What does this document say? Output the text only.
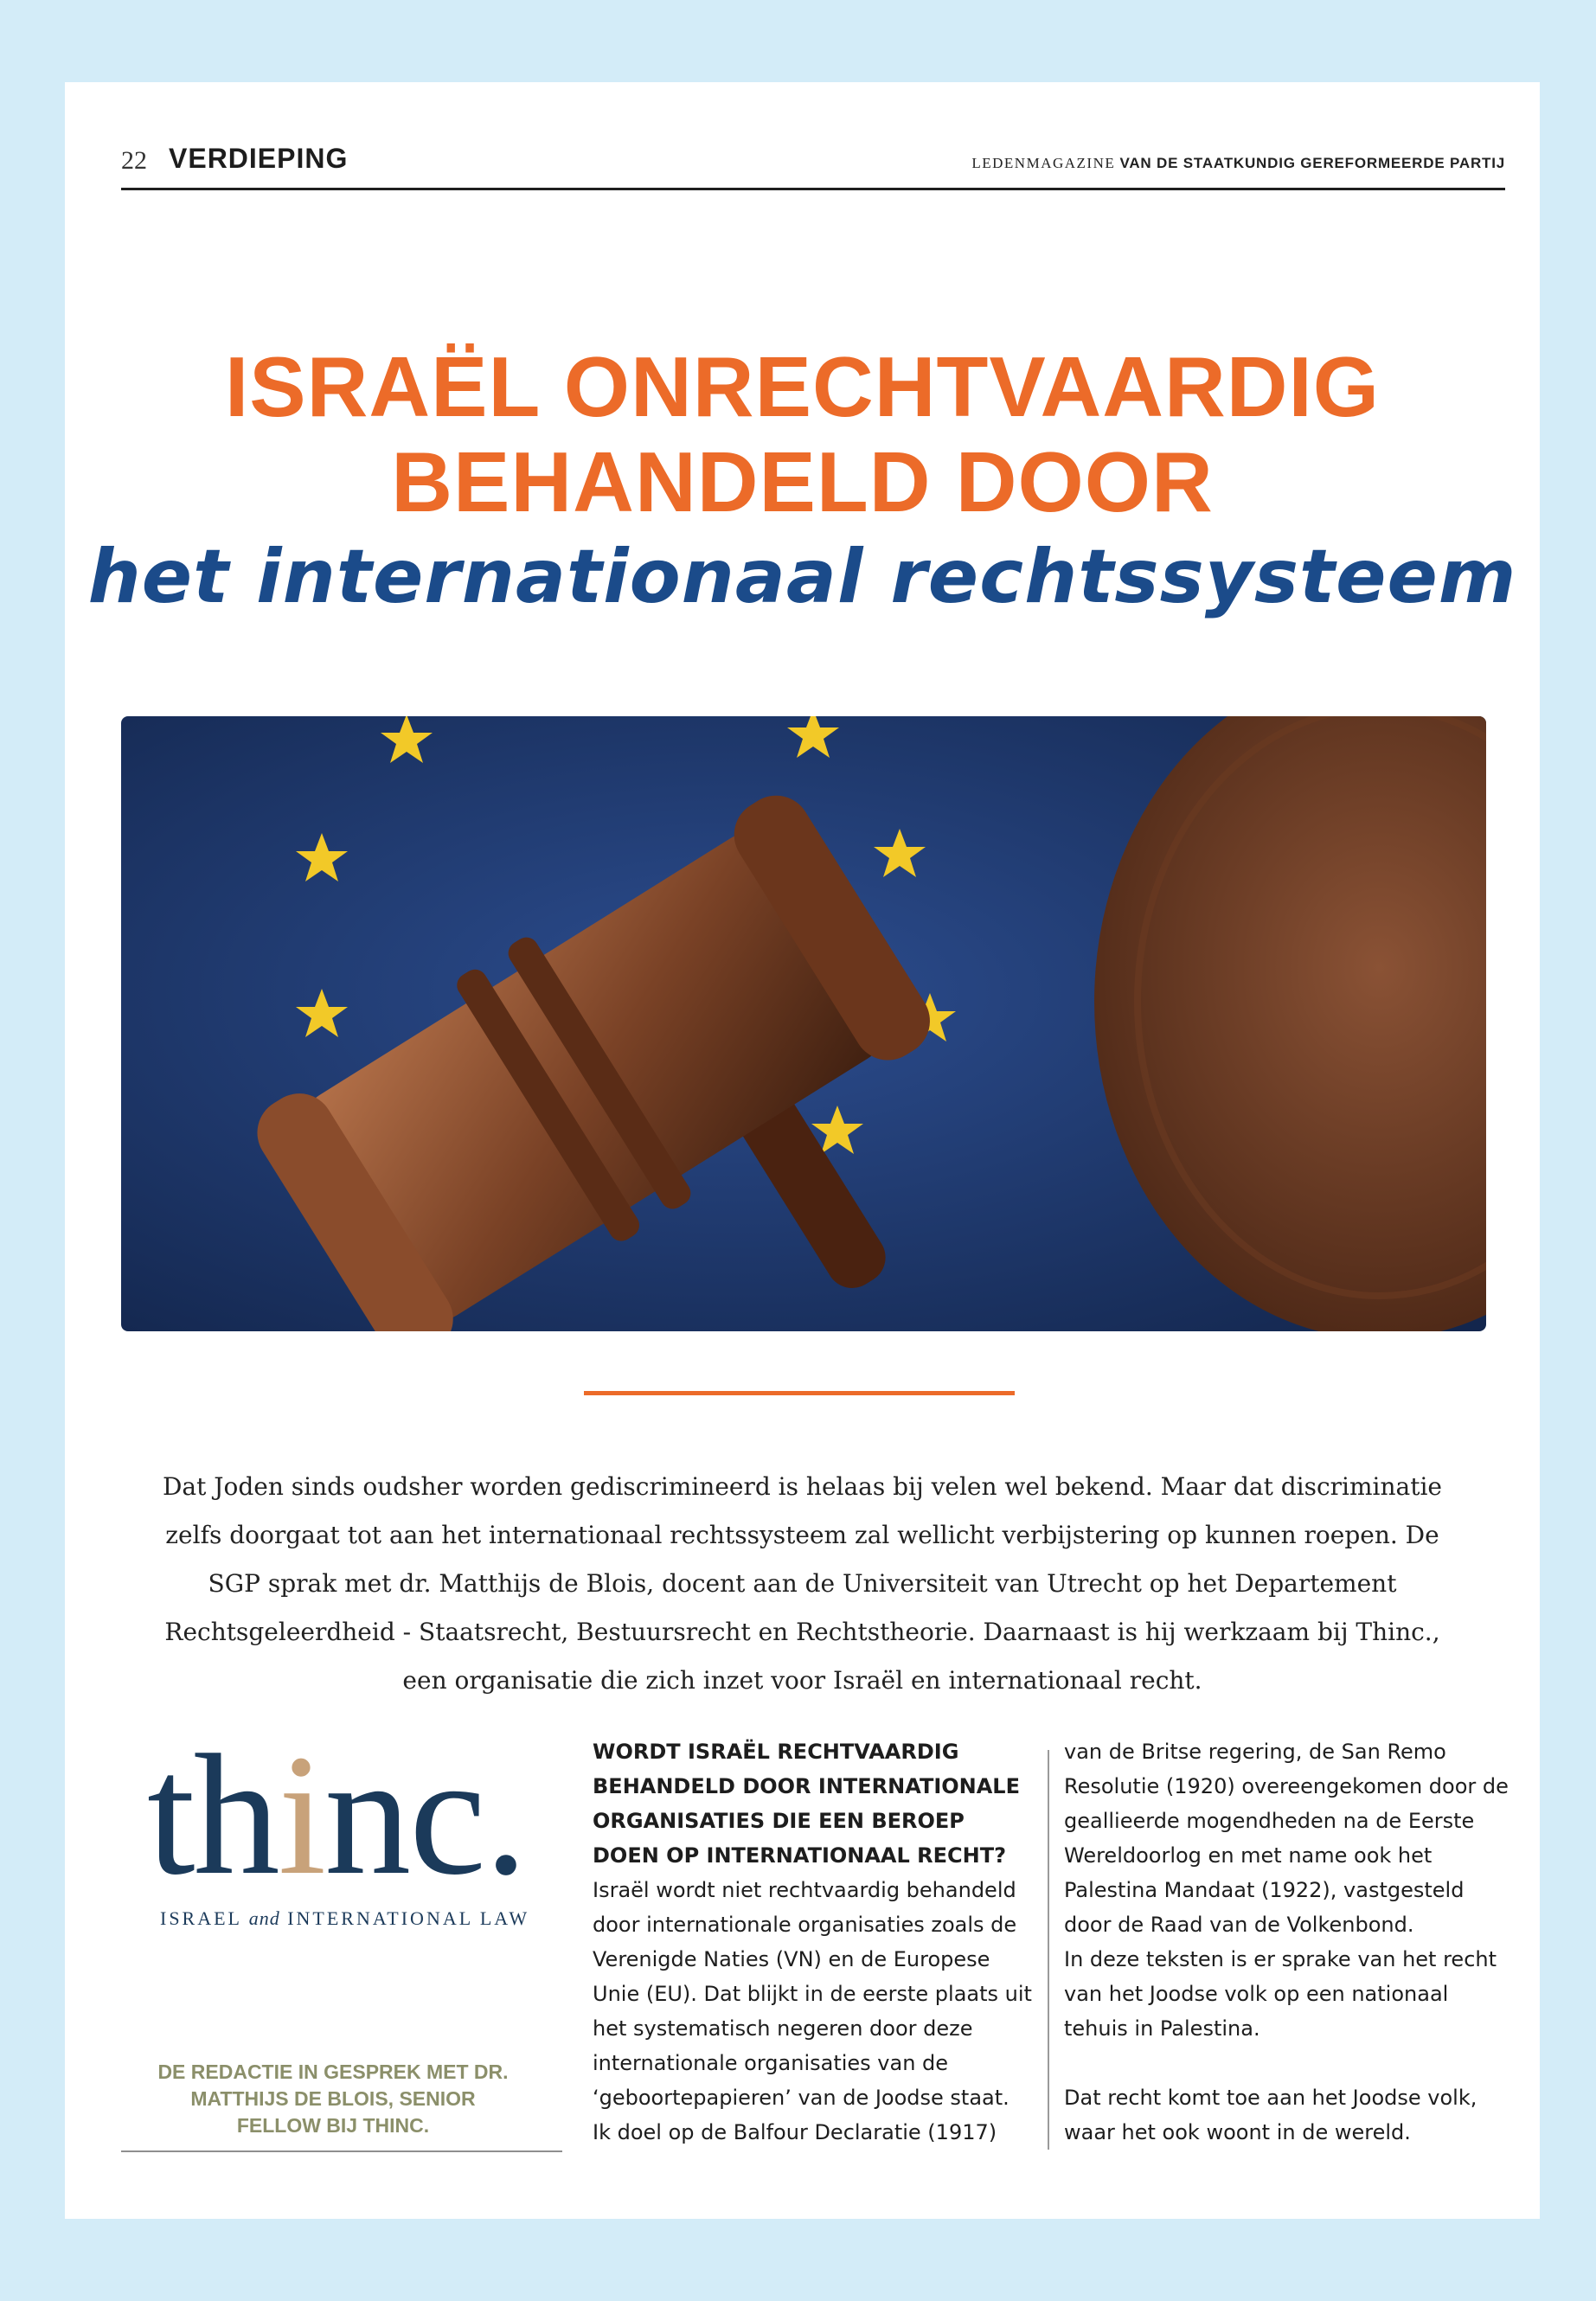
22 VERDIEPING	LEDENMAGAZINE VAN DE STAATKUNDIG GEREFORMEERDE PARTIJ
ISRAËL ONRECHTVAARDIG
BEHANDELD DOOR
het internationaal rechtssysteem

Dat Joden sinds oudsher worden gediscrimineerd is helaas bij velen wel bekend. Maar dat discriminatie zelfs doorgaat tot aan het internationaal rechtssysteem zal wellicht verbijstering op kunnen roepen. De SGP sprak met dr. Matthijs de Blois, docent aan de Universiteit van Utrecht op het Departement Rechtsgeleerdheid - Staatsrecht, Bestuursrecht en Rechtstheorie. Daarnaast is hij werkzaam bij Thinc., een organisatie die zich inzet voor Israël en internationaal recht.

thinc.
ISRAEL and INTERNATIONAL LAW
DE REDACTIE IN GESPREK MET DR. MATTHIJS DE BLOIS, SENIOR FELLOW BIJ THINC.
WORDT ISRAËL RECHTVAARDIG BEHANDELD DOOR INTERNATIONALE ORGANISATIES DIE EEN BEROEP DOEN OP INTERNATIONAAL RECHT?

Israël wordt niet rechtvaardig behandeld door internationale organisaties zoals de Verenigde Naties (VN) en de Europese Unie (EU). Dat blijkt in de eerste plaats uit het systematisch negeren door deze internationale organisaties van de ‘geboortepapieren’ van de Joodse staat. Ik doel op de Balfour Declaratie (1917)

van de Britse regering, de San Remo Resolutie (1920) overeengekomen door de geallieerde mogendheden na de Eerste Wereldoorlog en met name ook het Palestina Mandaat (1922), vastgesteld door de Raad van de Volkenbond.

In deze teksten is er sprake van het recht van het Joodse volk op een nationaal tehuis in Palestina.

Dat recht komt toe aan het Joodse volk, waar het ook woont in de wereld.
